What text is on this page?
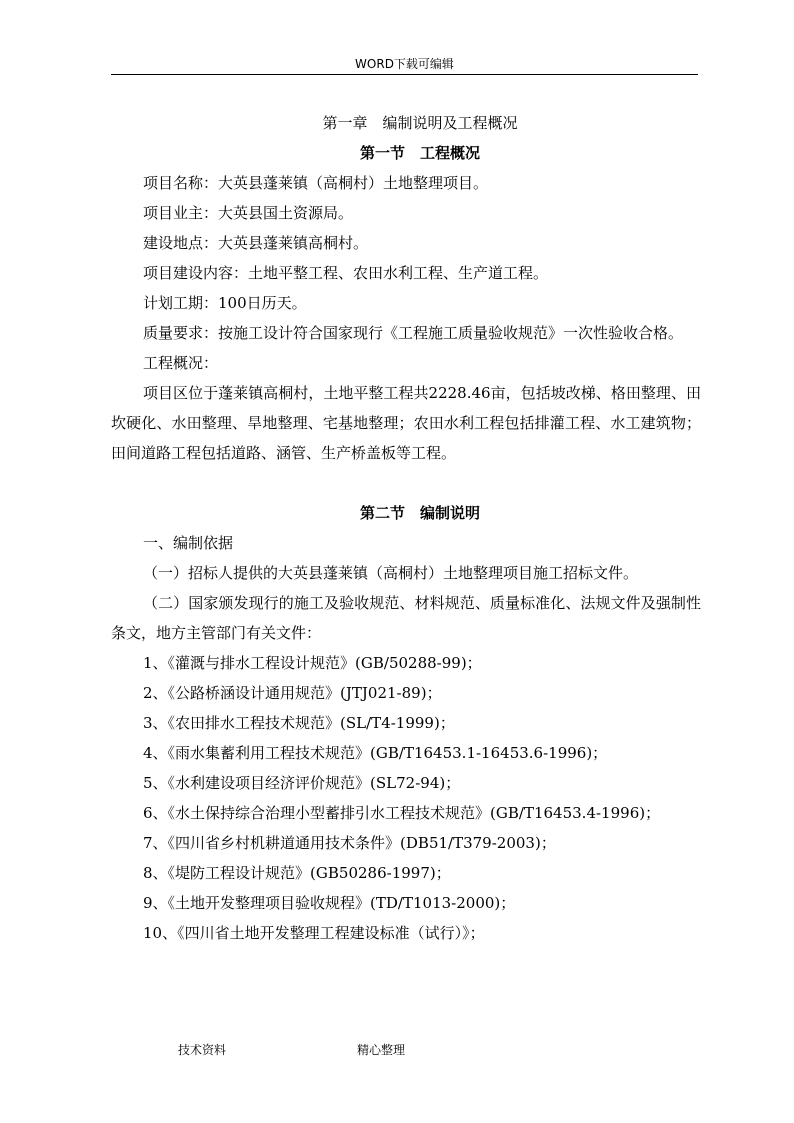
WORD下载可编辑
第一章　编制说明及工程概况
第一节　工程概况

项目名称：大英县蓬莱镇（高桐村）土地整理项目。

项目业主：大英县国土资源局。

建设地点：大英县蓬莱镇高桐村。

项目建设内容：土地平整工程、农田水利工程、生产道工程。

计划工期：100日历天。

质量要求：按施工设计符合国家现行《工程施工质量验收规范》一次性验收合格。

工程概况：

项目区位于蓬莱镇高桐村，土地平整工程共2228.46亩，包括坡改梯、格田整理、田坎硬化、水田整理、旱地整理、宅基地整理；农田水利工程包括排灌工程、水工建筑物；田间道路工程包括道路、涵管、生产桥盖板等工程。

第二节　编制说明

一、编制依据

（一）招标人提供的大英县蓬莱镇（高桐村）土地整理项目施工招标文件。

（二）国家颁发现行的施工及验收规范、材料规范、质量标准化、法规文件及强制性条文，地方主管部门有关文件：

1、《灌溉与排水工程设计规范》(GB/50288-99)；

2、《公路桥涵设计通用规范》(JTJ021-89)；

3、《农田排水工程技术规范》(SL/T4-1999)；

4、《雨水集蓄利用工程技术规范》(GB/T16453.1-16453.6-1996)；

5、《水利建设项目经济评价规范》(SL72-94)；

6、《水土保持综合治理小型蓄排引水工程技术规范》(GB/T16453.4-1996)；

7、《四川省乡村机耕道通用技术条件》(DB51/T379-2003)；

8、《堤防工程设计规范》(GB50286-1997)；

9、《土地开发整理项目验收规程》(TD/T1013-2000)；

10、《四川省土地开发整理工程建设标准（试行）》；

技术资料	精心整理
